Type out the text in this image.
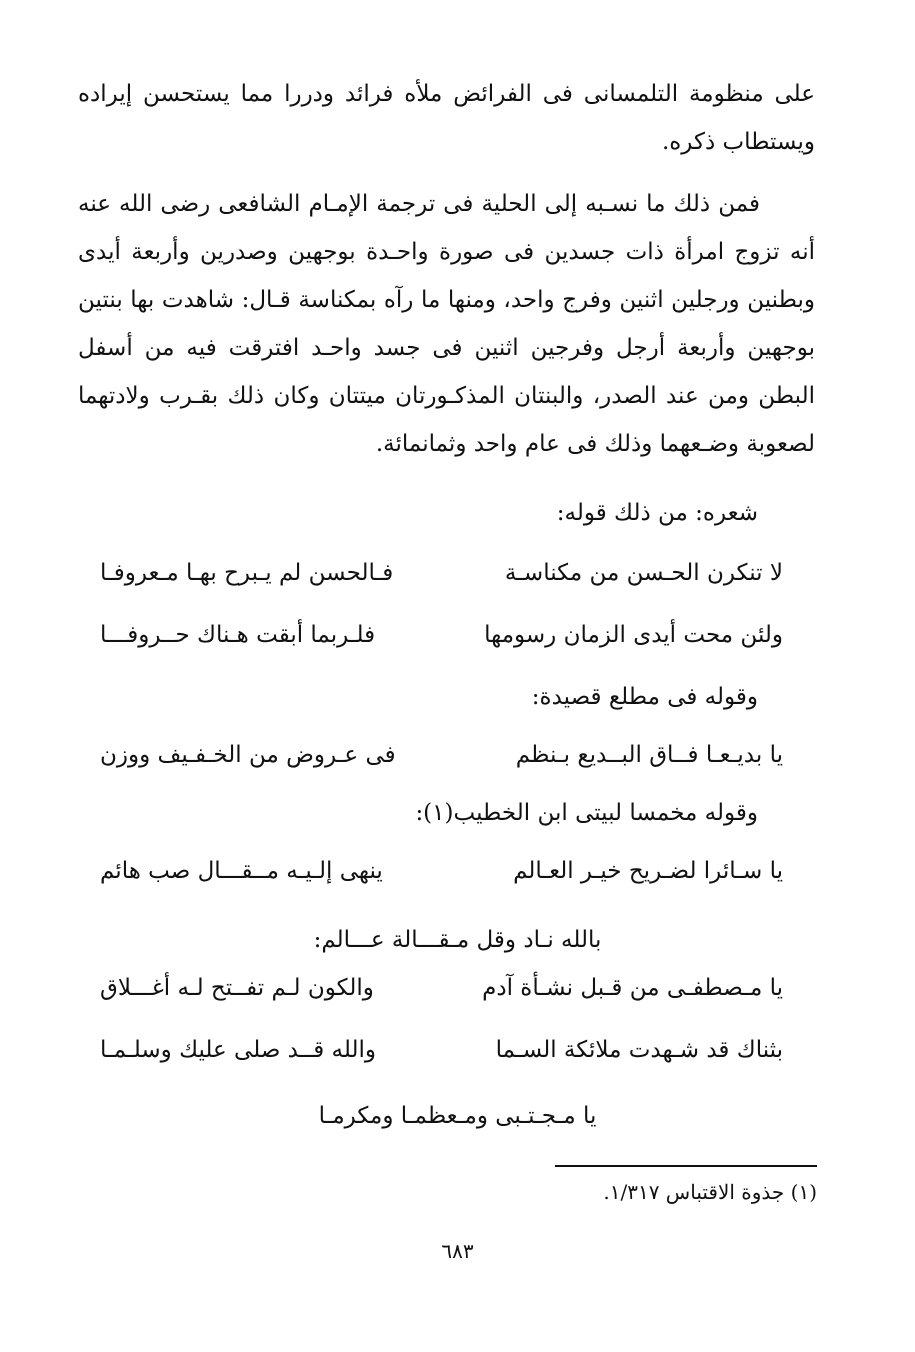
على منظومة التلمسانى فى الفرائض ملأه فرائد ودررا مما يستحسن إيراده ويستطاب ذكره.

فمن ذلك ما نسـبه إلى الحلية فى ترجمة الإمـام الشافعى رضى الله عنه أنه تزوج امرأة ذات جسدين فى صورة واحـدة بوجهين وصدرين وأربعة أيدى وبطنين ورجلين اثنين وفرج واحد، ومنها ما رآه بمكناسة قـال: شاهدت بها بنتين بوجهين وأربعة أرجل وفرجين اثنين فى جسد واحـد افترقت فيه من أسفل البطن ومن عند الصدر، والبنتان المذكـورتان ميتتان وكان ذلك بقـرب ولادتهما لصعوبة وضـعهما وذلك فى عام واحد وثمانمائة.

شعره: من ذلك قوله:
لا تنكرن الحـسن من مكناسـة
فـالحسن لم يـبرح بهـا مـعروفـا
ولئن محت أيدى الزمان رسومها
فلـربما أبقت هـناك حــروفـــا
وقوله فى مطلع قصيدة:
يا بديـعـا فــاق البــديع بـنظم
فى عـروض من الخـفـيف ووزن
وقوله مخمسا لبيتى ابن الخطيب(١):
يا سـائرا لضـريح خيـر العـالم
ينهى إلـيـه مــقـــال صب هائم
بالله نـاد وقل مـقـــالة عـــالم:
يا مـصطفـى من قـبل نشـأة آدم
والكون لـم تفــتح لـه أغـــلاق
بثناك قد شـهدت ملائكة السـما
والله قــد صلى عليك وسلـمـا
يا مـجـتـبى ومـعظمـا ومكرمـا
(١) جذوة الاقتباس ١/٣١٧.
٦٨٣
